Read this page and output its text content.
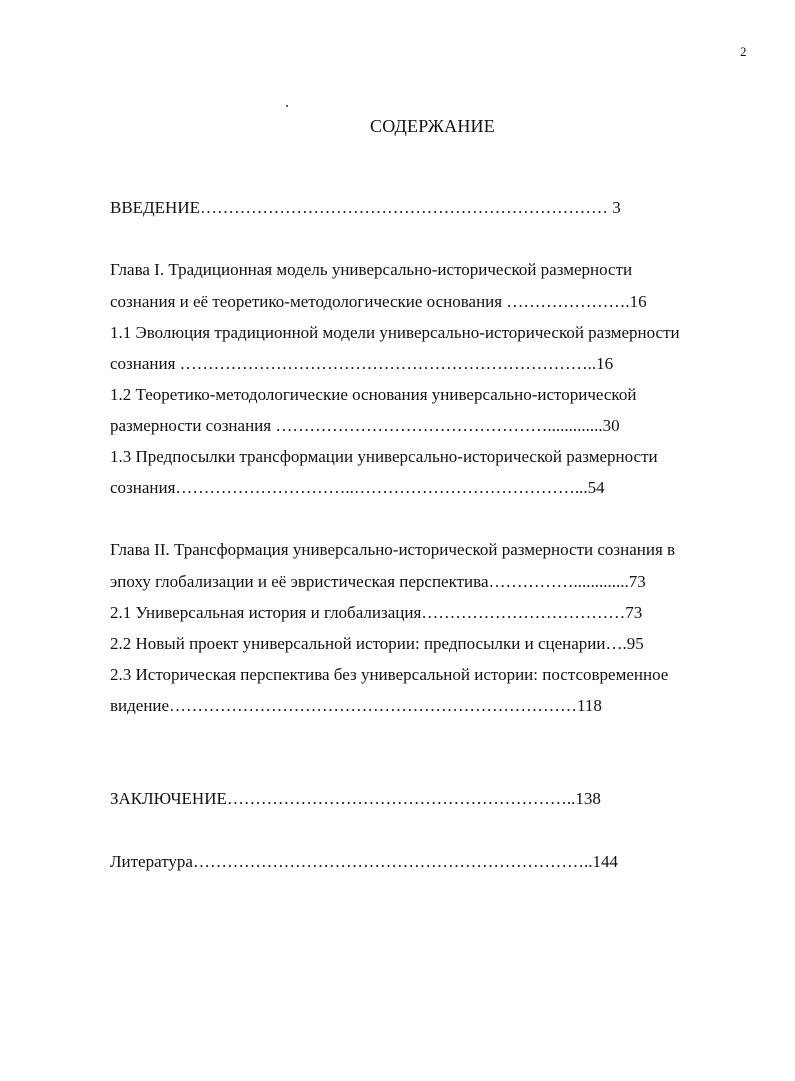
2
СОДЕРЖАНИЕ
ВВЕДЕНИЕ……………………………………………………………… 3
Глава I. Традиционная модель универсально-исторической размерности
сознания и её теоретико-методологические основания ………………….16
1.1 Эволюция традиционной модели универсально-исторической размерности
сознания ………………………………………………………………..16
1.2 Теоретико-методологические основания универсально-исторической
размерности сознания ………………………………………….............30
1.3 Предпосылки трансформации универсально-исторической размерности
сознания…………………………..…………………………………...54
Глава II. Трансформация универсально-исторической размерности сознания в
эпоху глобализации и её эвристическая перспектива…………….............73
2.1 Универсальная история и глобализация………………………………73
2.2 Новый проект универсальной истории: предпосылки и сценарии….95
2.3 Историческая перспектива без универсальной истории: постсовременное
видение………………………………………………………………118
ЗАКЛЮЧЕНИЕ……………………………………………………..138
Литература……………………………………………………………..144
